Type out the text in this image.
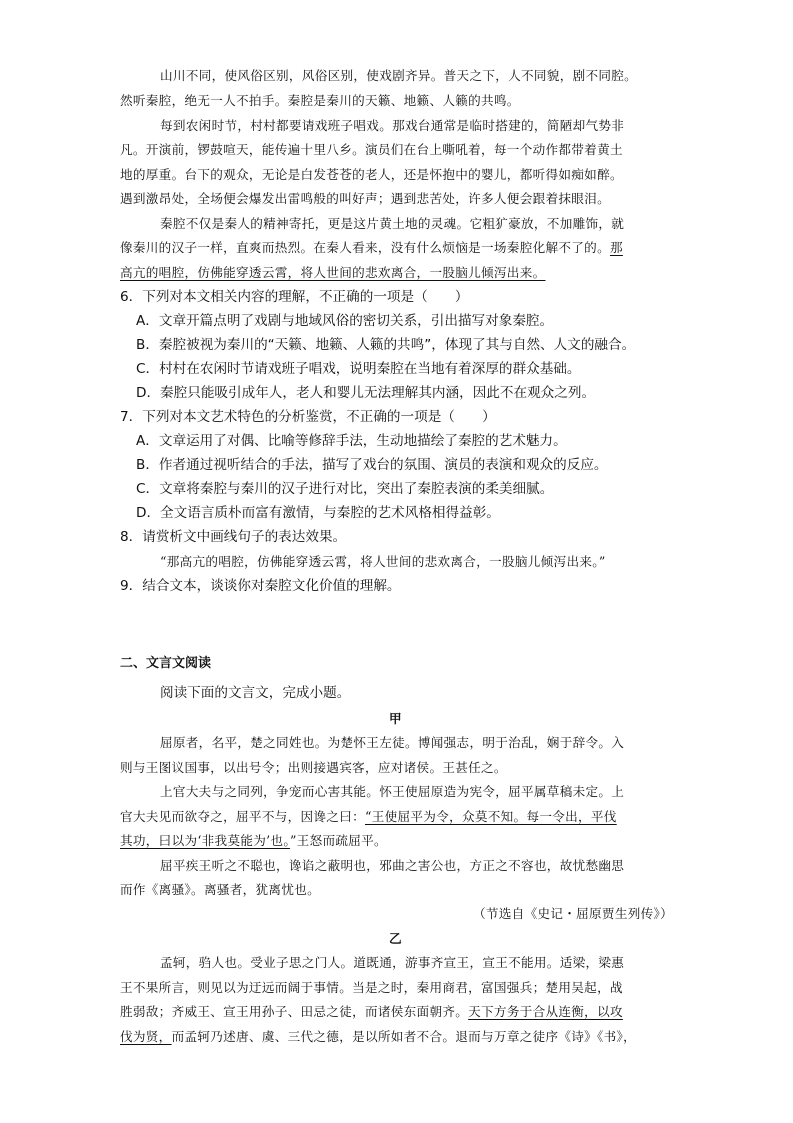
山川不同，使风俗区别，风俗区别，使戏剧齐异。普天之下，人不同貌，剧不同腔。
然听秦腔，绝无一人不拍手。秦腔是秦川的天籁、地籁、人籁的共鸣。
每到农闲时节，村村都要请戏班子唱戏。那戏台通常是临时搭建的，简陋却气势非
凡。开演前，锣鼓喧天，能传遍十里八乡。演员们在台上嘶吼着，每一个动作都带着黄土
地的厚重。台下的观众，无论是白发苍苍的老人，还是怀抱中的婴儿，都听得如痴如醉。
遇到激昂处，全场便会爆发出雷鸣般的叫好声；遇到悲苦处，许多人便会跟着抹眼泪。
秦腔不仅是秦人的精神寄托，更是这片黄土地的灵魂。它粗犷豪放，不加雕饰，就
像秦川的汉子一样，直爽而热烈。在秦人看来，没有什么烦恼是一场秦腔化解不了的。那
高亢的唱腔，仿佛能穿透云霄，将人世间的悲欢离合，一股脑儿倾泻出来。
6．下列对本文相关内容的理解，不正确的一项是（　　）
A．文章开篇点明了戏剧与地域风俗的密切关系，引出描写对象秦腔。
B．秦腔被视为秦川的“天籁、地籁、人籁的共鸣”，体现了其与自然、人文的融合。
C．村村在农闲时节请戏班子唱戏，说明秦腔在当地有着深厚的群众基础。
D．秦腔只能吸引成年人，老人和婴儿无法理解其内涵，因此不在观众之列。
7．下列对本文艺术特色的分析鉴赏，不正确的一项是（　　）
A．文章运用了对偶、比喻等修辞手法，生动地描绘了秦腔的艺术魅力。
B．作者通过视听结合的手法，描写了戏台的氛围、演员的表演和观众的反应。
C．文章将秦腔与秦川的汉子进行对比，突出了秦腔表演的柔美细腻。
D．全文语言质朴而富有激情，与秦腔的艺术风格相得益彰。
8．请赏析文中画线句子的表达效果。
“那高亢的唱腔，仿佛能穿透云霄，将人世间的悲欢离合，一股脑儿倾泻出来。”
9．结合文本，谈谈你对秦腔文化价值的理解。
二、文言文阅读
阅读下面的文言文，完成小题。
甲
屈原者，名平，楚之同姓也。为楚怀王左徒。博闻强志，明于治乱，娴于辞令。入
则与王图议国事，以出号令；出则接遇宾客，应对诸侯。王甚任之。
上官大夫与之同列，争宠而心害其能。怀王使屈原造为宪令，屈平属草稿未定。上
官大夫见而欲夺之，屈平不与，因谗之曰：“王使屈平为令，众莫不知。每一令出，平伐
其功，曰以为‘非我莫能为’也。”王怒而疏屈平。
屈平疾王听之不聪也，谗谄之蔽明也，邪曲之害公也，方正之不容也，故忧愁幽思
而作《离骚》。离骚者，犹离忧也。
（节选自《史记・屈原贾生列传》）
乙
孟轲，驺人也。受业子思之门人。道既通，游事齐宣王，宣王不能用。适梁，梁惠
王不果所言，则见以为迂远而阔于事情。当是之时，秦用商君，富国强兵；楚用吴起，战
胜弱敌；齐威王、宣王用孙子、田忌之徒，而诸侯东面朝齐。天下方务于合从连衡，以攻
伐为贤，而孟轲乃述唐、虞、三代之德，是以所如者不合。退而与万章之徒序《诗》《书》，
